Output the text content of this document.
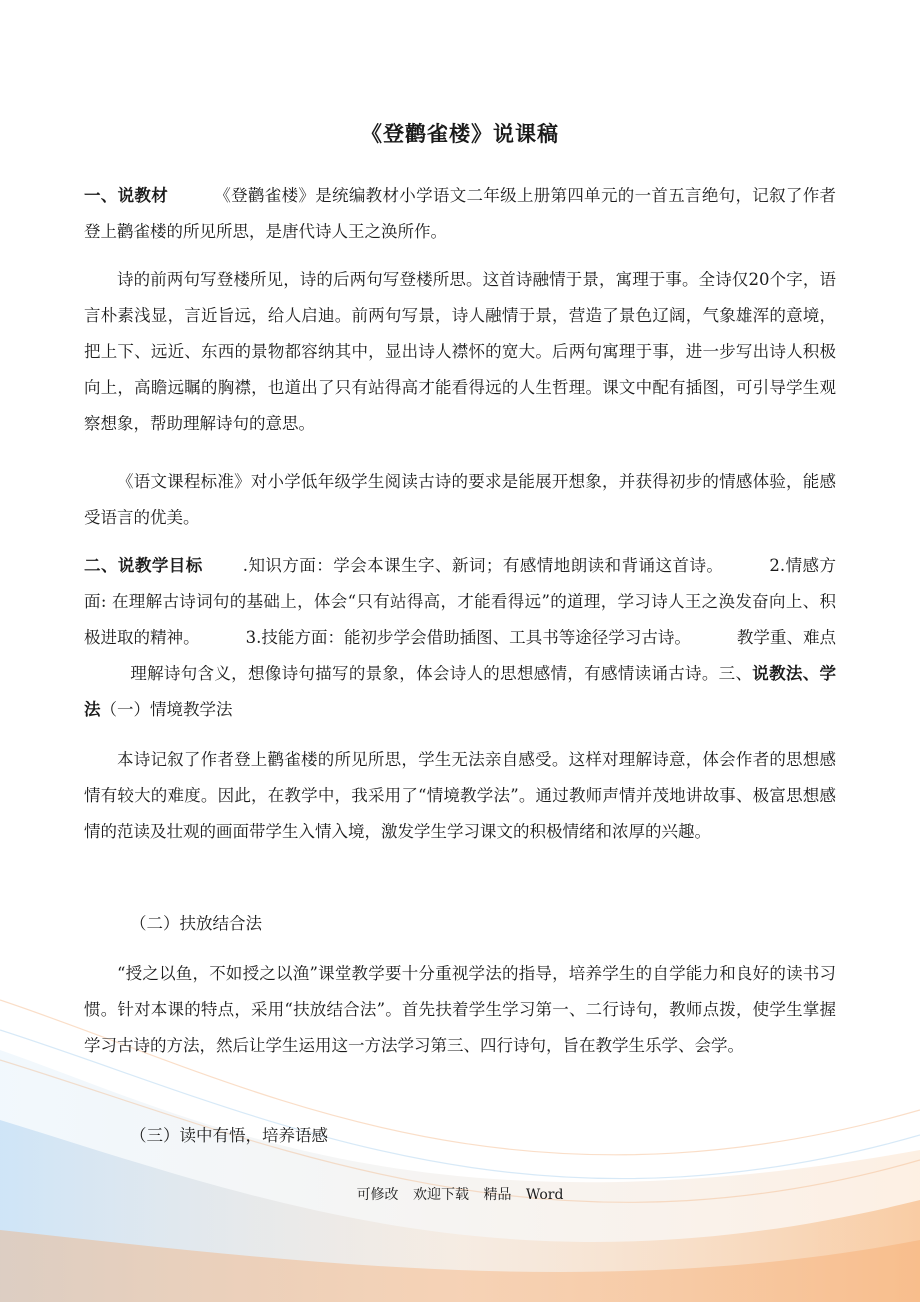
《登鹳雀楼》说课稿
一、说教材	《登鹳雀楼》是统编教材小学语文二年级上册第四单元的一首五言绝句，记叙了作者登上鹳雀楼的所见所思，是唐代诗人王之涣所作。
诗的前两句写登楼所见，诗的后两句写登楼所思。这首诗融情于景，寓理于事。全诗仅20个字，语言朴素浅显，言近旨远，给人启迪。前两句写景，诗人融情于景，营造了景色辽阔，气象雄浑的意境，把上下、远近、东西的景物都容纳其中，显出诗人襟怀的宽大。后两句寓理于事，进一步写出诗人积极向上，高瞻远瞩的胸襟，也道出了只有站得高才能看得远的人生哲理。课文中配有插图，可引导学生观察想象，帮助理解诗句的意思。
《语文课程标准》对小学低年级学生阅读古诗的要求是能展开想象，并获得初步的情感体验，能感受语言的优美。
二、说教学目标 .知识方面：学会本课生字、新词；有感情地朗读和背诵这首诗。	2.情感方面: 在理解古诗词句的基础上，体会“只有站得高，才能看得远”的道理，学习诗人王之涣发奋向上、积极进取的精神。	3.技能方面：能初步学会借助插图、工具书等途径学习古诗。	教学重、难点理解诗句含义，想像诗句描写的景象，体会诗人的思想感情，有感情读诵古诗。三、说教法、学法（一）情境教学法
本诗记叙了作者登上鹳雀楼的所见所思，学生无法亲自感受。这样对理解诗意，体会作者的思想感情有较大的难度。因此，在教学中，我采用了“情境教学法”。通过教师声情并茂地讲故事、极富思想感情的范读及壮观的画面带学生入情入境，激发学生学习课文的积极情绪和浓厚的兴趣。
（二）扶放结合法
“授之以鱼，不如授之以渔”课堂教学要十分重视学法的指导，培养学生的自学能力和良好的读书习惯。针对本课的特点，采用“扶放结合法”。首先扶着学生学习第一、二行诗句，教师点拨，使学生掌握学习古诗的方法，然后让学生运用这一方法学习第三、四行诗句，旨在教学生乐学、会学。
（三）读中有悟，培养语感
可修改 欢迎下载 精品 Word
